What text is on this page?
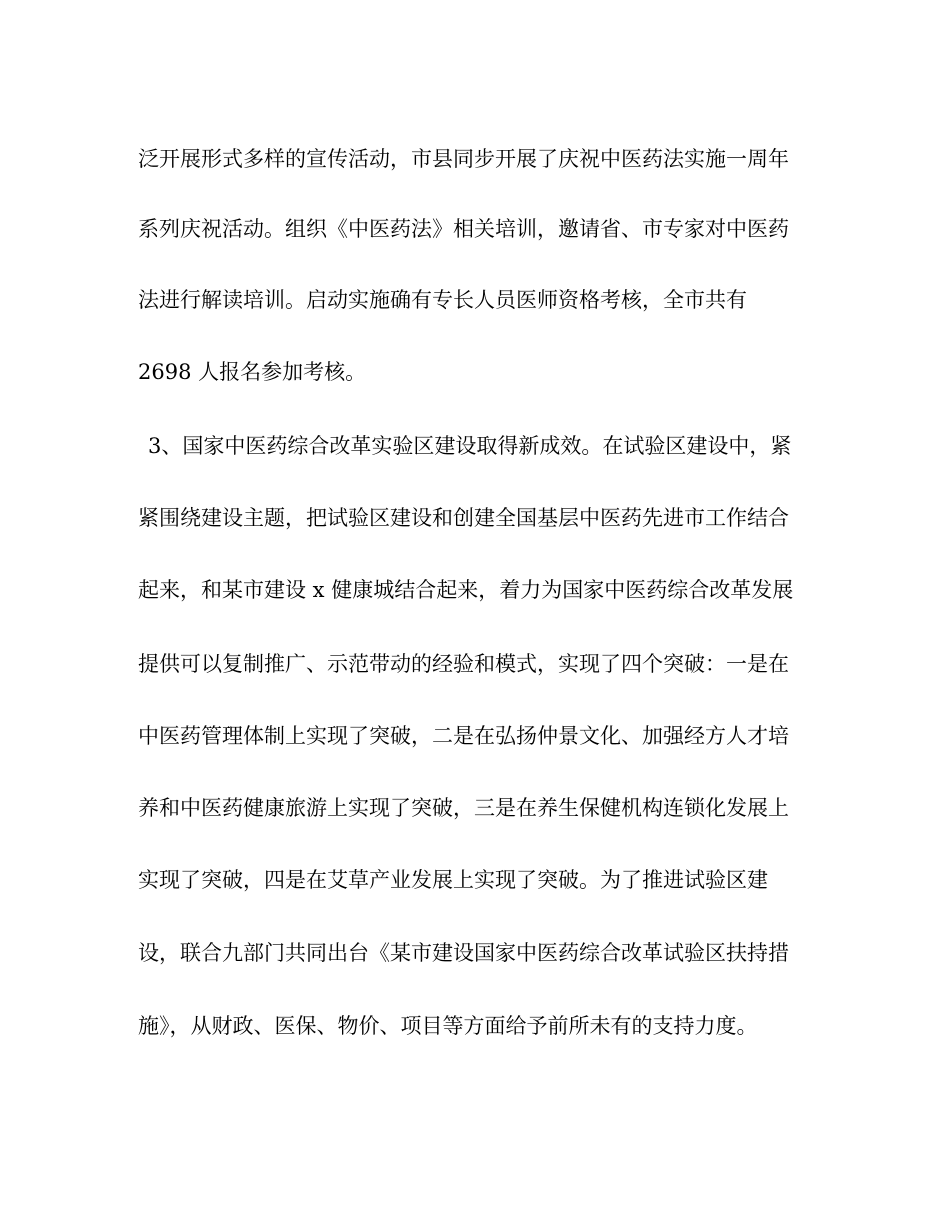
泛开展形式多样的宣传活动，市县同步开展了庆祝中医药法实施一周年
系列庆祝活动。组织《中医药法》相关培训，邀请省、市专家对中医药
法进行解读培训。启动实施确有专长人员医师资格考核，全市共有
2698 人报名参加考核。
3、国家中医药综合改革实验区建设取得新成效。在试验区建设中，紧
紧围绕建设主题，把试验区建设和创建全国基层中医药先进市工作结合
起来，和某市建设 x 健康城结合起来，着力为国家中医药综合改革发展
提供可以复制推广、示范带动的经验和模式，实现了四个突破：一是在
中医药管理体制上实现了突破，二是在弘扬仲景文化、加强经方人才培
养和中医药健康旅游上实现了突破，三是在养生保健机构连锁化发展上
实现了突破，四是在艾草产业发展上实现了突破。为了推进试验区建
设，联合九部门共同出台《某市建设国家中医药综合改革试验区扶持措
施》，从财政、医保、物价、项目等方面给予前所未有的支持力度。
